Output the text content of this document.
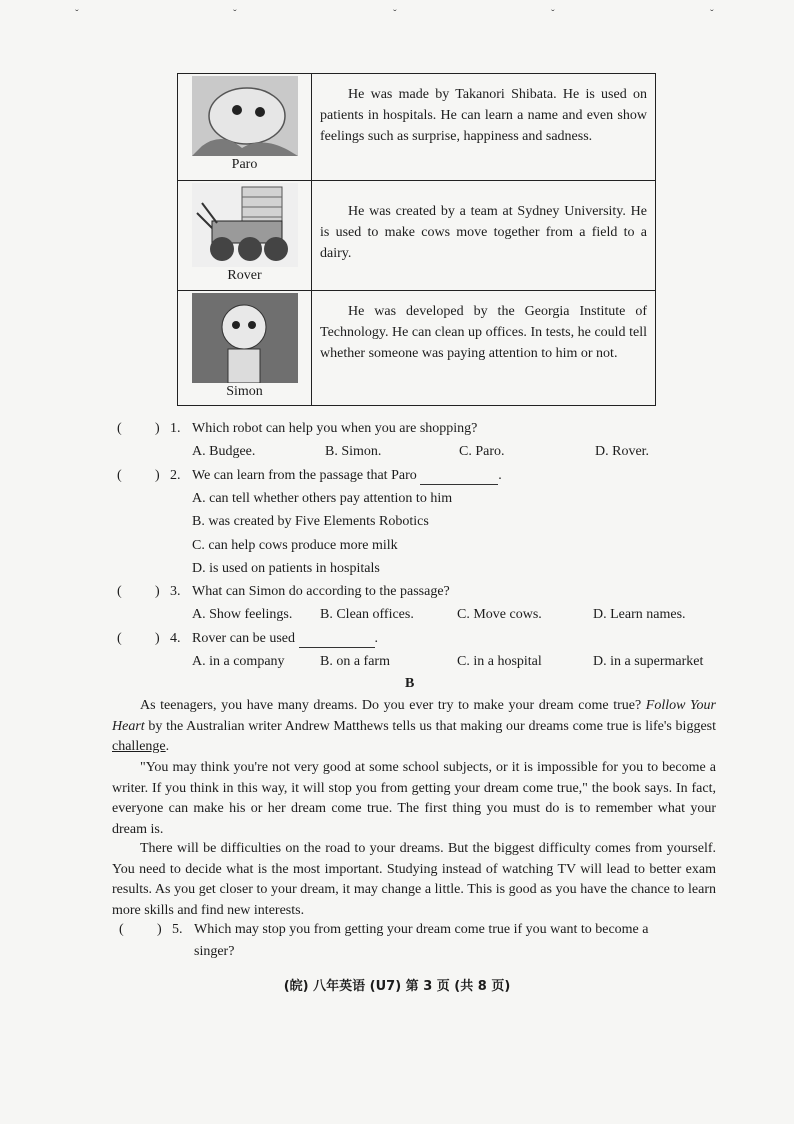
ˇ	ˇ	ˇ	ˇ	ˇ
Paro	He was made by Takanori Shibata. He is used on patients in hospitals. He can learn a name and even show feelings such as surprise, happiness and sadness.

Rover	He was created by a team at Sydney University. He is used to make cows move together from a field to a dairy.

Simon	He was developed by the Georgia Institute of Technology. He can clean up offices. In tests, he could tell whether someone was paying attention to him or not.
( ) 1. Which robot can help you when you are shopping?
A. Budgee.	B. Simon.	C. Paro.	D. Rover.
( ) 2. We can learn from the passage that Paro	.
A. can tell whether others pay attention to him
B. was created by Five Elements Robotics
C. can help cows produce more milk
D. is used on patients in hospitals
( ) 3. What can Simon do according to the passage?
A. Show feelings. B. Clean offices.	C. Move cows.	D. Learn names.
( ) 4. Rover can be used	.
A. in a company	B. on a farm	C. in a hospital	D. in a supermarket
B
As teenagers, you have many dreams. Do you ever try to make your dream come true? Follow Your Heart by the Australian writer Andrew Matthews tells us that making our dreams come true is life's biggest challenge.
"You may think you're not very good at some school subjects, or it is impossible for you to become a writer. If you think in this way, it will stop you from getting your dream come true," the book says. In fact, everyone can make his or her dream come true. The first thing you must do is to remember what your dream is.
There will be difficulties on the road to your dreams. But the biggest difficulty comes from yourself. You need to decide what is the most important. Studying instead of watching TV will lead to better exam results. As you get closer to your dream, it may change a little. This is good as you have the chance to learn more skills and find new interests.
( ) 5. Which may stop you from getting your dream come true if you want to become a
singer?
(皖) 八年英语 (U7) 第 3 页 (共 8 页)
